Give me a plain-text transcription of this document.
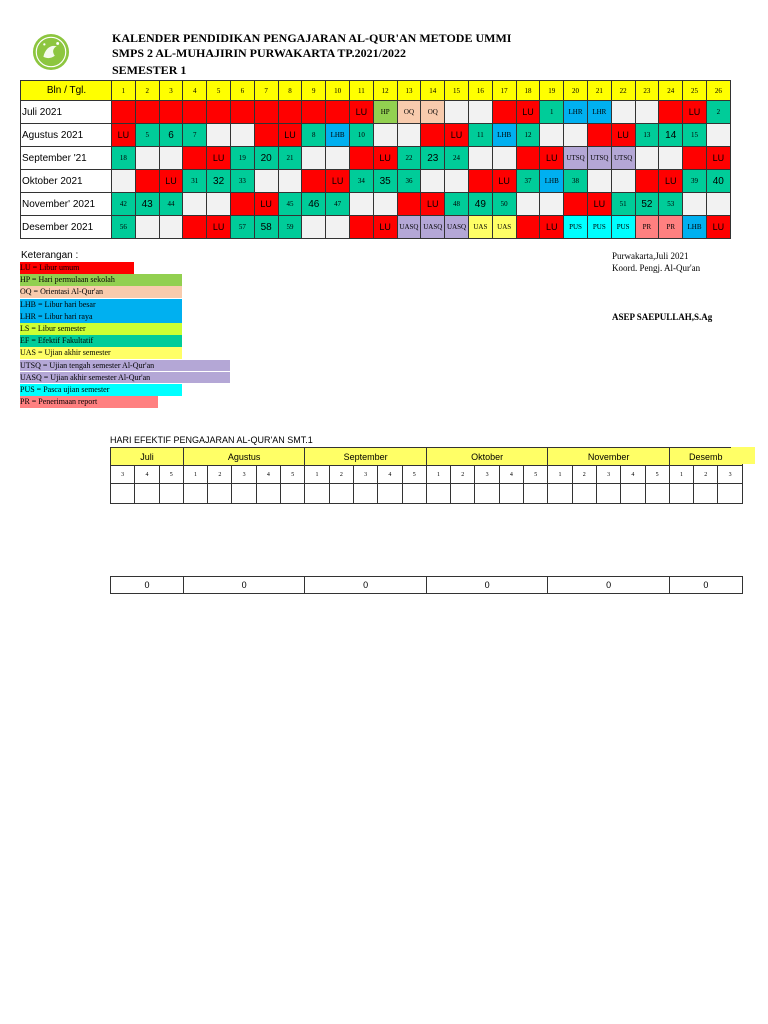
KALENDER PENDIDIKAN PENGAJARAN AL-QUR'AN METODE UMMI
SMPS 2 AL-MUHAJIRIN PURWAKARTA TP.2021/2022
SEMESTER 1
Bln / Tgl.	1	2	3	4	5	6	7	8	9	10	11	12	13	14	15	16	17	18	19	20	21	22	23	24	25	26
Juli 2021											LU	HP	OQ	OQ				LU	1	LHR	LHR				LU	2
Agustus 2021	LU	5	6	7				LU	8	LHB	10				LU	11	LHB	12				LU	13	14	15	
September '21	18				LU	19	20	21				LU	22	23	24				LU	UTSQ	UTSQ	UTSQ				LU
Oktober 2021			LU	31	32	33				LU	34	35	36				LU	37	LHB	38				LU	39	40
November' 2021	42	43	44				LU	45	46	47				LU	48	49	50				LU	51	52	53		
Desember 2021	56				LU	57	58	59				LU	UASQ	UASQ	UASQ	UAS	UAS		LU	PUS	PUS	PUS	PR	PR	LHB	LU
Keterangan :
LU = Libur umum
HP = Hari permulaan sekolah
OQ = Orientasi Al-Qur'an
LHB = Libur hari besar
LHR = Libur hari raya
LS = Libur semester
EF = Efektif Fakultatif
UAS = Ujian akhir semester
UTSQ = Ujian tengah semester Al-Qur'an
UASQ = Ujian akhir semester Al-Qur'an
PUS = Pasca ujian semester
PR = Penerimaan report
Purwakarta,Juli 2021
Koord. Pengj. Al-Qur'an
ASEP SAEPULLAH,S.Ag
HARI EFEKTIF PENGAJARAN AL-QUR'AN SMT.1
Juli			Agustus					September					Oktober					November					Desemb		
3	4	5	1	2	3	4	5	1	2	3	4	5	1	2	3	4	5	1	2	3	4	5	1	2	3

0	0	0	0	0	0
